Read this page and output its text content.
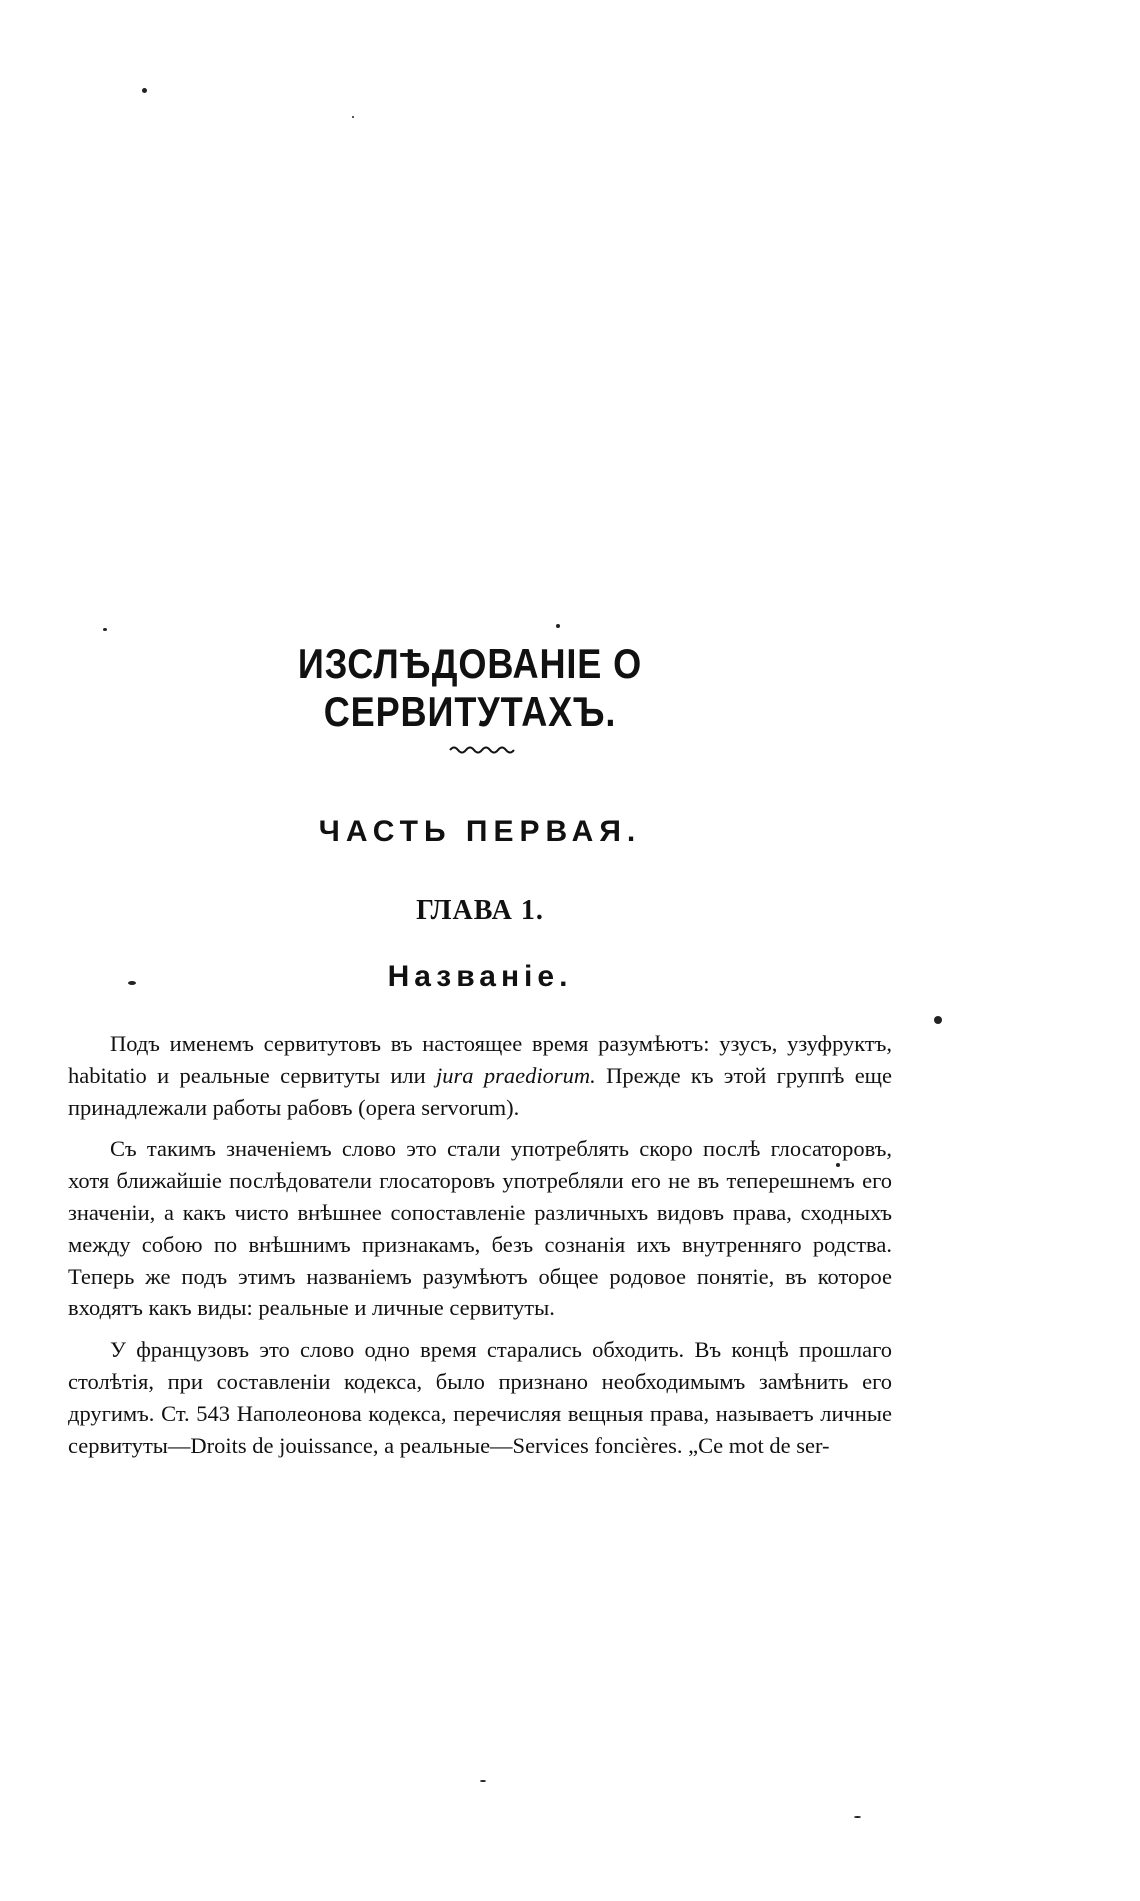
ИЗСЛѢДОВАНІЕ О СЕРВИТУТАХЪ.
ЧАСТЬ ПЕРВАЯ.
ГЛАВА 1.
Названіе.

Подъ именемъ сервитутовъ въ настоящее время разумѣютъ: узусъ, узуфруктъ, habitatio и реальные сервитуты или jura praediorum. Прежде къ этой группѣ еще принадлежали работы рабовъ (opera servorum).

Съ такимъ значеніемъ слово это стали употреблять скоро послѣ глосаторовъ, хотя ближайшіе послѣдователи глосаторовъ употребляли его не въ теперешнемъ его значеніи, а какъ чисто внѣшнее сопоставленіе различныхъ видовъ права, сходныхъ между собою по внѣшнимъ признакамъ, безъ сознанія ихъ внутренняго родства. Теперь же подъ этимъ названіемъ разумѣютъ общее родовое понятіе, въ которое входятъ какъ виды: реальные и личные сервитуты.

У французовъ это слово одно время старались обходить. Въ концѣ прошлаго столѣтія, при составленіи кодекса, было признано необходимымъ замѣнить его другимъ. Ст. 543 Наполеонова кодекса, перечисляя вещныя права, называетъ личные сервитуты—Droits de jouissance, а реальные—Services foncières. „Ce mot de ser-
